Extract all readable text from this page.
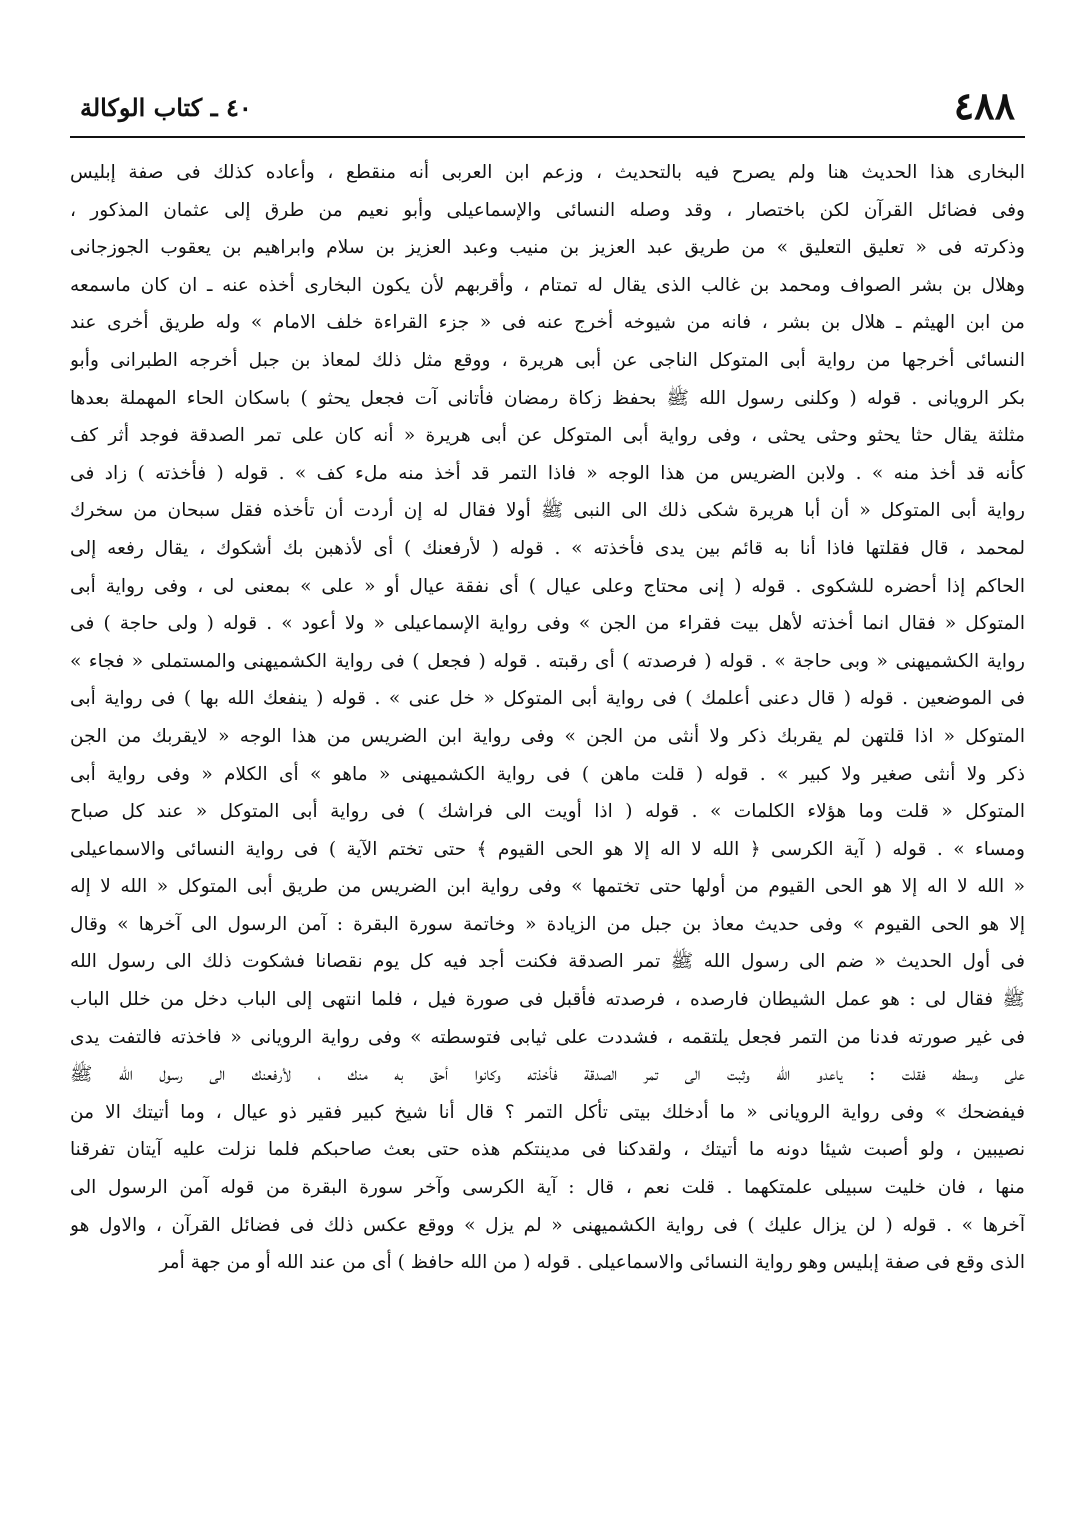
٤٨٨
٤٠ ـ كتاب الوكالة
البخارى هذا الحديث هنا ولم يصرح فيه بالتحديث ، وزعم ابن العربى أنه منقطع ، وأعاده كذلك فى صفة إبليس
وفى فضائل القرآن لكن باختصار ، وقد وصله النسائى والإسماعيلى وأبو نعيم من طرق إلى عثمان المذكور ،
وذكرته فى « تعليق التعليق » من طريق عبد العزيز بن منيب وعبد العزيز بن سلام وابراهيم بن يعقوب الجوزجانى
وهلال بن بشر الصواف ومحمد بن غالب الذى يقال له تمتام ، وأقربهم لأن يكون البخارى أخذه عنه ـ ان كان ماسمعه
من ابن الهيثم ـ هلال بن بشر ، فانه من شيوخه أخرج عنه فى « جزء القراءة خلف الامام » وله طريق أخرى عند
النسائى أخرجها من رواية أبى المتوكل الناجى عن أبى هريرة ، ووقع مثل ذلك لمعاذ بن جبل أخرجه الطبرانى وأبو
بكر الرويانى . قوله ( وكلنى رسول الله ﷺ بحفظ زكاة رمضان فأتانى آت فجعل يحثو ) باسكان الحاء المهملة بعدها
مثلثة يقال حثا يحثو وحثى يحثى ، وفى رواية أبى المتوكل عن أبى هريرة « أنه كان على تمر الصدقة فوجد أثر كف
كأنه قد أخذ منه » . ولابن الضريس من هذا الوجه « فاذا التمر قد أخذ منه ملء كف » . قوله ( فأخذته ) زاد فى
رواية أبى المتوكل « أن أبا هريرة شكى ذلك الى النبى ﷺ أولا فقال له إن أردت أن تأخذه فقل سبحان من سخرك
لمحمد ، قال فقلتها فاذا أنا به قائم بين يدى فأخذته » . قوله ( لأرفعنك ) أى لأذهبن بك أشكوك ، يقال رفعه إلى
الحاكم إذا أحضره للشكوى . قوله ( إنى محتاج وعلى عيال ) أى نفقة عيال أو « على » بمعنى لى ، وفى رواية أبى
المتوكل « فقال انما أخذته لأهل بيت فقراء من الجن » وفى رواية الإسماعيلى « ولا أعود » . قوله ( ولى حاجة ) فى
رواية الكشميهنى « وبى حاجة » . قوله ( فرصدته ) أى رقبته . قوله ( فجعل ) فى رواية الكشميهنى والمستملى « فجاء »
فى الموضعين . قوله ( قال دعنى أعلمك ) فى رواية أبى المتوكل « خل عنى » . قوله ( ينفعك الله بها ) فى رواية أبى
المتوكل « اذا قلتهن لم يقربك ذكر ولا أنثى من الجن » وفى رواية ابن الضريس من هذا الوجه « لايقربك من الجن
ذكر ولا أنثى صغير ولا كبير » . قوله ( قلت ماهن ) فى رواية الكشميهنى « ماهو » أى الكلام « وفى رواية أبى
المتوكل « قلت وما هؤلاء الكلمات » . قوله ( اذا أويت الى فراشك ) فى رواية أبى المتوكل « عند كل صباح
ومساء » . قوله ( آية الكرسى ﴿ الله لا اله إلا هو الحى القيوم ﴾ حتى تختم الآية ) فى رواية النسائى والاسماعيلى
« الله لا اله إلا هو الحى القيوم من أولها حتى تختمها » وفى رواية ابن الضريس من طريق أبى المتوكل « الله لا إله
إلا هو الحى القيوم » وفى حديث معاذ بن جبل من الزيادة « وخاتمة سورة البقرة : آمن الرسول الى آخرها » وقال
فى أول الحديث « ضم الى رسول الله ﷺ تمر الصدقة فكنت أجد فيه كل يوم نقصانا فشكوت ذلك الى رسول الله
ﷺ فقال لى : هو عمل الشيطان فارصده ، فرصدته فأقبل فى صورة فيل ، فلما انتهى إلى الباب دخل من خلل الباب
فى غير صورته فدنا من التمر فجعل يلتقمه ، فشددت على ثيابى فتوسطته » وفى رواية الرويانى « فاخذته فالتفت يدى
على وسطه فقلت : ياعدو الله وثبت الى تمر الصدقة فأخذته وكانوا أحق به منك ، لأرفعنك الى رسول الله ﷺ
فيفضحك » وفى رواية الرويانى « ما أدخلك بيتى تأكل التمر ؟ قال أنا شيخ كبير فقير ذو عيال ، وما أتيتك الا من
نصيبين ، ولو أصبت شيئا دونه ما أتيتك ، ولقدكنا فى مدينتكم هذه حتى بعث صاحبكم فلما نزلت عليه آيتان تفرقنا
منها ، فان خليت سبيلى علمتكهما . قلت نعم ، قال : آية الكرسى وآخر سورة البقرة من قوله آمن الرسول الى
آخرها » . قوله ( لن يزال عليك ) فى رواية الكشميهنى « لم يزل » ووقع عكس ذلك فى فضائل القرآن ، والاول هو
الذى وقع فى صفة إبليس وهو رواية النسائى والاسماعيلى . قوله ( من الله حافظ ) أى من عند الله أو من جهة أمر
